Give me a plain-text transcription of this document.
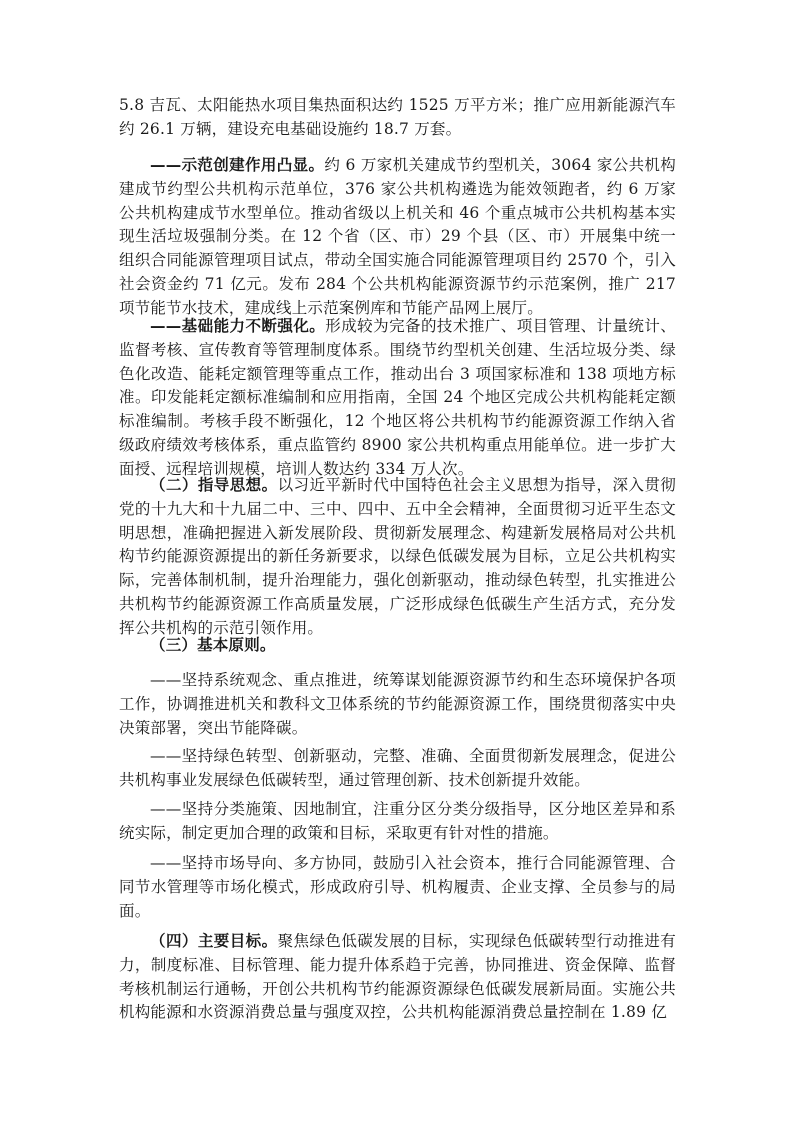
5.8 吉瓦、太阳能热水项目集热面积达约 1525 万平方米；推广应用新能源汽车约 26.1 万辆，建设充电基础设施约 18.7 万套。

——示范创建作用凸显。约 6 万家机关建成节约型机关，3064 家公共机构建成节约型公共机构示范单位，376 家公共机构遴选为能效领跑者，约 6 万家公共机构建成节水型单位。推动省级以上机关和 46 个重点城市公共机构基本实现生活垃圾强制分类。在 12 个省（区、市）29 个县（区、市）开展集中统一组织合同能源管理项目试点，带动全国实施合同能源管理项目约 2570 个，引入社会资金约 71 亿元。发布 284 个公共机构能源资源节约示范案例，推广 217 项节能节水技术，建成线上示范案例库和节能产品网上展厅。

——基础能力不断强化。形成较为完备的技术推广、项目管理、计量统计、监督考核、宣传教育等管理制度体系。围绕节约型机关创建、生活垃圾分类、绿色化改造、能耗定额管理等重点工作，推动出台 3 项国家标准和 138 项地方标准。印发能耗定额标准编制和应用指南，全国 24 个地区完成公共机构能耗定额标准编制。考核手段不断强化，12 个地区将公共机构节约能源资源工作纳入省级政府绩效考核体系，重点监管约 8900 家公共机构重点用能单位。进一步扩大面授、远程培训规模，培训人数达约 334 万人次。

（二）指导思想。以习近平新时代中国特色社会主义思想为指导，深入贯彻党的十九大和十九届二中、三中、四中、五中全会精神，全面贯彻习近平生态文明思想，准确把握进入新发展阶段、贯彻新发展理念、构建新发展格局对公共机构节约能源资源提出的新任务新要求，以绿色低碳发展为目标，立足公共机构实际，完善体制机制，提升治理能力，强化创新驱动，推动绿色转型，扎实推进公共机构节约能源资源工作高质量发展，广泛形成绿色低碳生产生活方式，充分发挥公共机构的示范引领作用。

（三）基本原则。

——坚持系统观念、重点推进，统筹谋划能源资源节约和生态环境保护各项工作，协调推进机关和教科文卫体系统的节约能源资源工作，围绕贯彻落实中央决策部署，突出节能降碳。

——坚持绿色转型、创新驱动，完整、准确、全面贯彻新发展理念，促进公共机构事业发展绿色低碳转型，通过管理创新、技术创新提升效能。

——坚持分类施策、因地制宜，注重分区分类分级指导，区分地区差异和系统实际，制定更加合理的政策和目标，采取更有针对性的措施。

——坚持市场导向、多方协同，鼓励引入社会资本，推行合同能源管理、合同节水管理等市场化模式，形成政府引导、机构履责、企业支撑、全员参与的局面。

（四）主要目标。聚焦绿色低碳发展的目标，实现绿色低碳转型行动推进有力，制度标准、目标管理、能力提升体系趋于完善，协同推进、资金保障、监督考核机制运行通畅，开创公共机构节约能源资源绿色低碳发展新局面。实施公共机构能源和水资源消费总量与强度双控，公共机构能源消费总量控制在 1.89 亿
